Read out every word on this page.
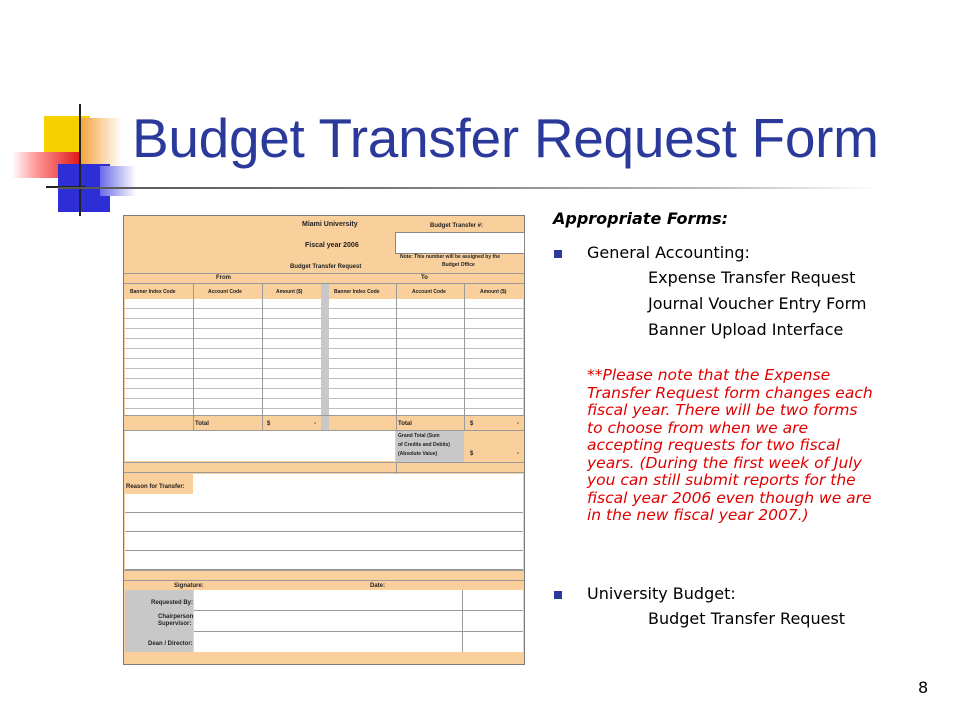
Budget Transfer Request Form
Miami University
Fiscal year 2006
Budget Transfer Request
Budget Transfer #:
Note: This number will be assigned by the
Budget Office
From	To
Banner Index Code	Account Code	Amount ($)	Banner Index Code	Account Code	Amount ($)
Total	$	-	Total	$	-
Grand Total (Sum
of Credits and Debits)
(Absolute Value)	$	-
Reason for Transfer:
Signature:	Date:
Requested By:
Chairperson
Supervisor:
Dean / Director:
Appropriate Forms:
General Accounting:
Expense Transfer Request
Journal Voucher Entry Form
Banner Upload Interface
**Please note that the Expense
Transfer Request form changes each
fiscal year. There will be two forms
to choose from when we are
accepting requests for two fiscal
years. (During the first week of July
you can still submit reports for the
fiscal year 2006 even though we are
in the new fiscal year 2007.)
University Budget:
Budget Transfer Request
8
